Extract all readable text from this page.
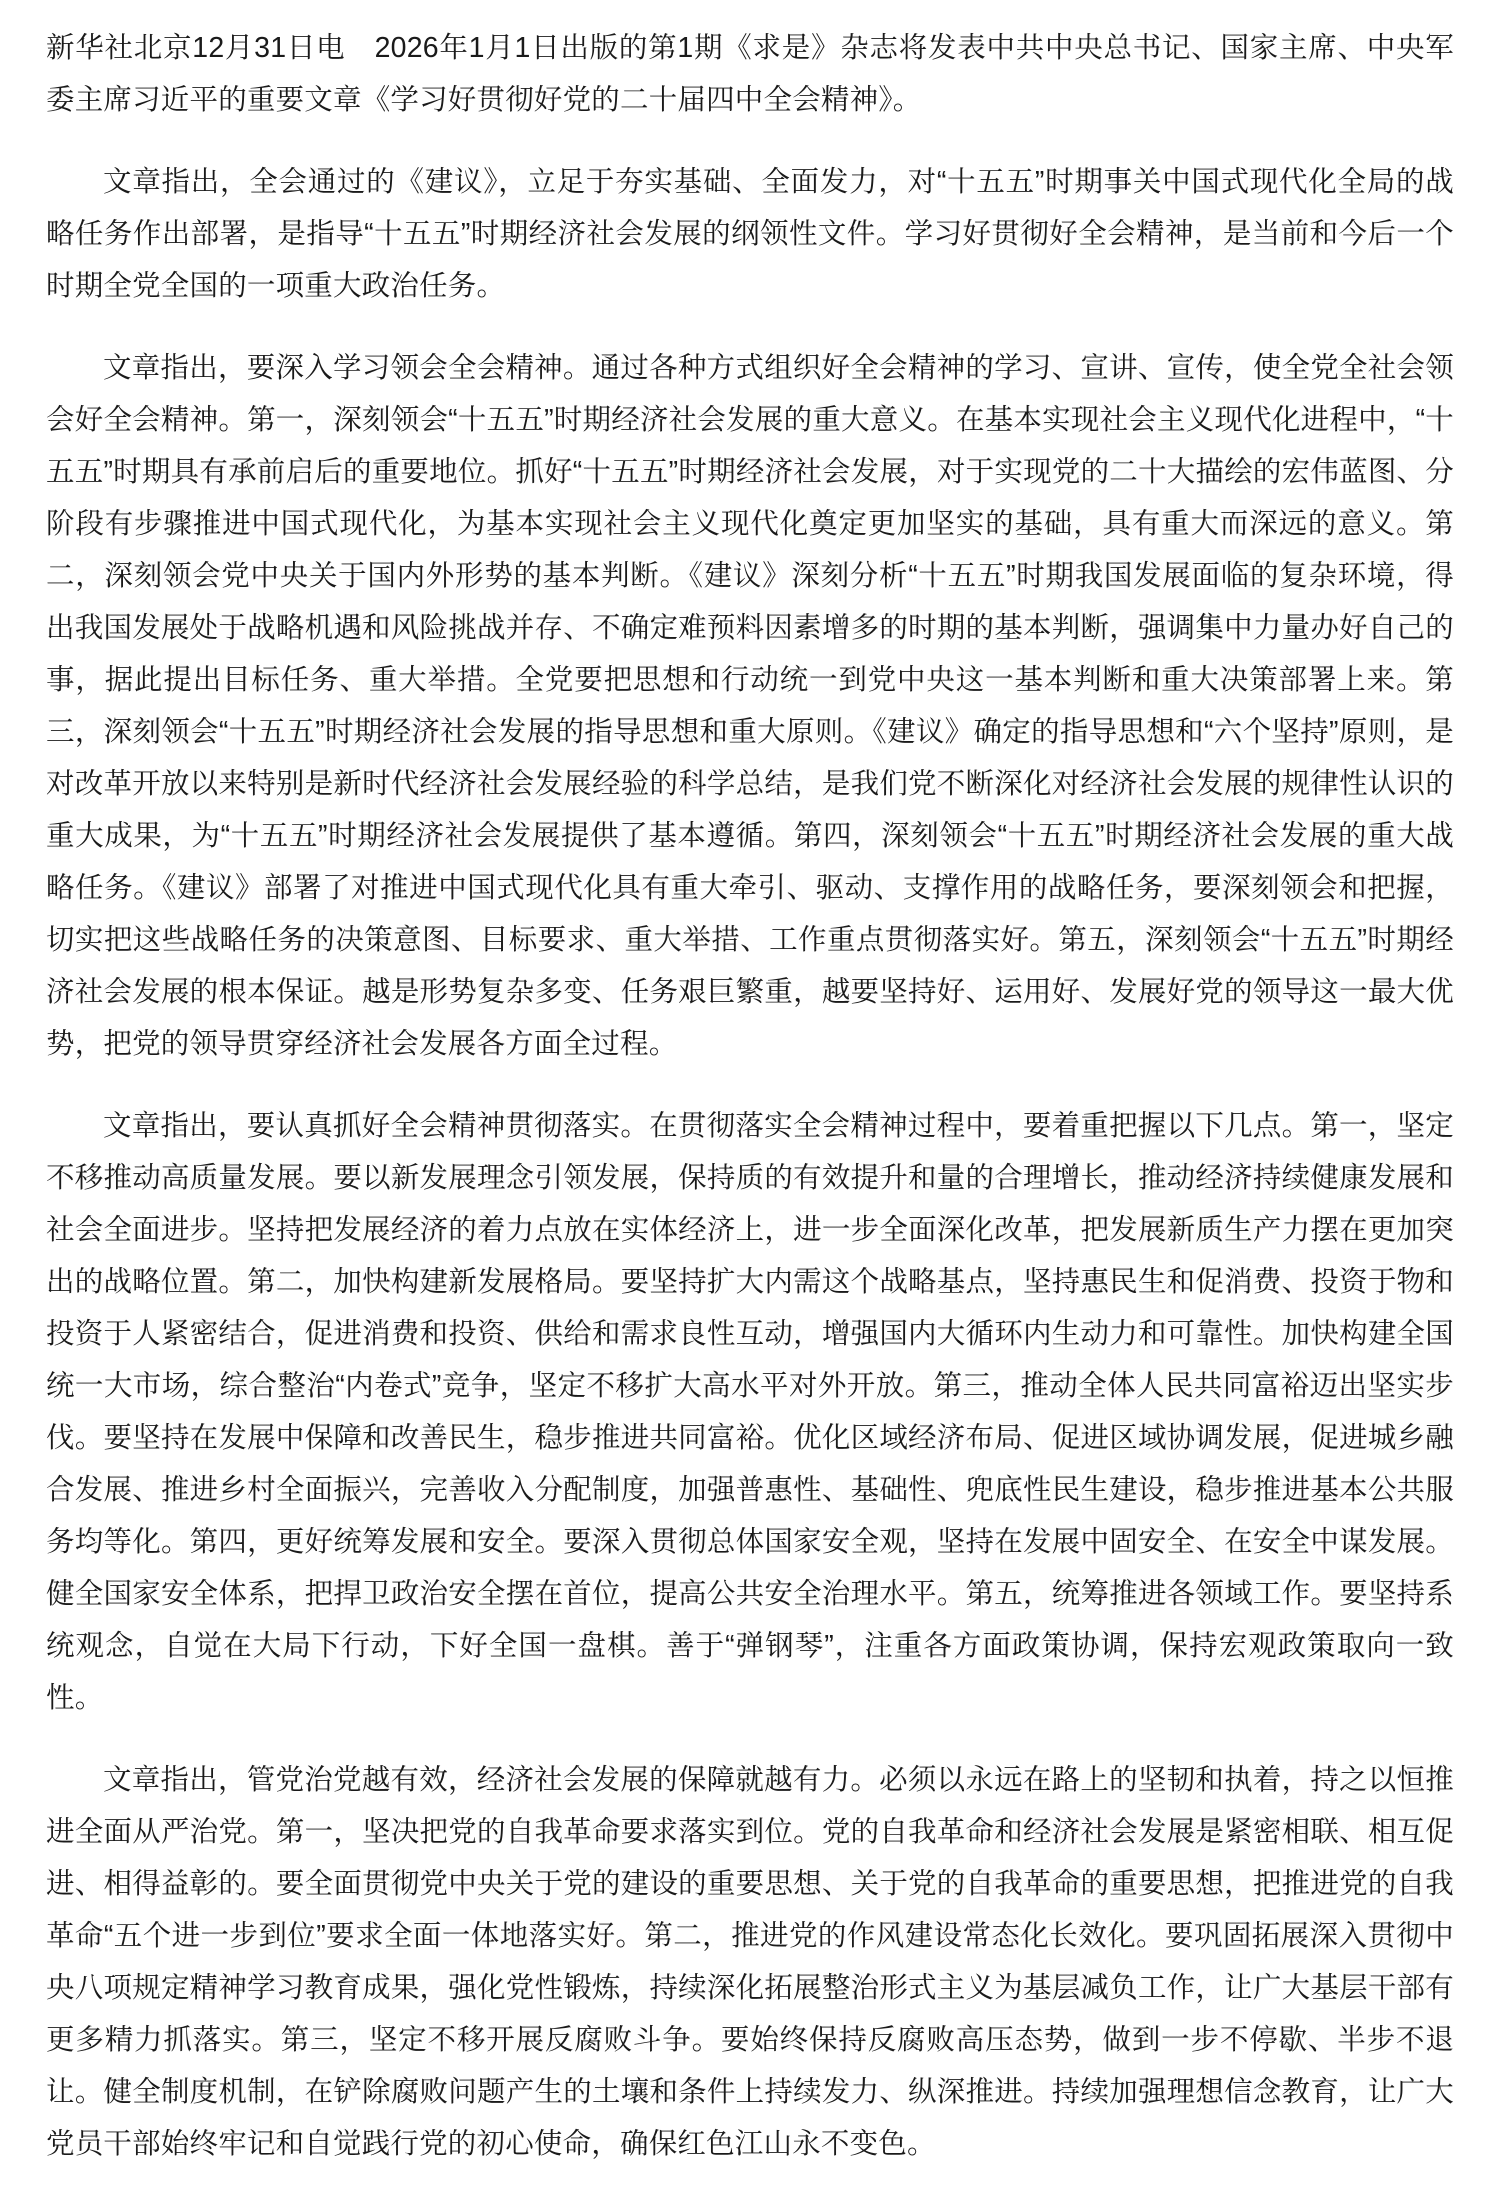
新华社北京12月31日电　2026年1月1日出版的第1期《求是》杂志将发表中共中央总书记、国家主席、中央军委主席习近平的重要文章《学习好贯彻好党的二十届四中全会精神》。

文章指出，全会通过的《建议》，立足于夯实基础、全面发力，对“十五五”时期事关中国式现代化全局的战略任务作出部署，是指导“十五五”时期经济社会发展的纲领性文件。学习好贯彻好全会精神，是当前和今后一个时期全党全国的一项重大政治任务。

文章指出，要深入学习领会全会精神。通过各种方式组织好全会精神的学习、宣讲、宣传，使全党全社会领会好全会精神。第一，深刻领会“十五五”时期经济社会发展的重大意义。在基本实现社会主义现代化进程中，“十五五”时期具有承前启后的重要地位。抓好“十五五”时期经济社会发展，对于实现党的二十大描绘的宏伟蓝图、分阶段有步骤推进中国式现代化，为基本实现社会主义现代化奠定更加坚实的基础，具有重大而深远的意义。第二，深刻领会党中央关于国内外形势的基本判断。《建议》深刻分析“十五五”时期我国发展面临的复杂环境，得出我国发展处于战略机遇和风险挑战并存、不确定难预料因素增多的时期的基本判断，强调集中力量办好自己的事，据此提出目标任务、重大举措。全党要把思想和行动统一到党中央这一基本判断和重大决策部署上来。第三，深刻领会“十五五”时期经济社会发展的指导思想和重大原则。《建议》确定的指导思想和“六个坚持”原则，是对改革开放以来特别是新时代经济社会发展经验的科学总结，是我们党不断深化对经济社会发展的规律性认识的重大成果，为“十五五”时期经济社会发展提供了基本遵循。第四，深刻领会“十五五”时期经济社会发展的重大战略任务。《建议》部署了对推进中国式现代化具有重大牵引、驱动、支撑作用的战略任务，要深刻领会和把握，切实把这些战略任务的决策意图、目标要求、重大举措、工作重点贯彻落实好。第五，深刻领会“十五五”时期经济社会发展的根本保证。越是形势复杂多变、任务艰巨繁重，越要坚持好、运用好、发展好党的领导这一最大优势，把党的领导贯穿经济社会发展各方面全过程。

文章指出，要认真抓好全会精神贯彻落实。在贯彻落实全会精神过程中，要着重把握以下几点。第一，坚定不移推动高质量发展。要以新发展理念引领发展，保持质的有效提升和量的合理增长，推动经济持续健康发展和社会全面进步。坚持把发展经济的着力点放在实体经济上，进一步全面深化改革，把发展新质生产力摆在更加突出的战略位置。第二，加快构建新发展格局。要坚持扩大内需这个战略基点，坚持惠民生和促消费、投资于物和投资于人紧密结合，促进消费和投资、供给和需求良性互动，增强国内大循环内生动力和可靠性。加快构建全国统一大市场，综合整治“内卷式”竞争，坚定不移扩大高水平对外开放。第三，推动全体人民共同富裕迈出坚实步伐。要坚持在发展中保障和改善民生，稳步推进共同富裕。优化区域经济布局、促进区域协调发展，促进城乡融合发展、推进乡村全面振兴，完善收入分配制度，加强普惠性、基础性、兜底性民生建设，稳步推进基本公共服务均等化。第四，更好统筹发展和安全。要深入贯彻总体国家安全观，坚持在发展中固安全、在安全中谋发展。健全国家安全体系，把捍卫政治安全摆在首位，提高公共安全治理水平。第五，统筹推进各领域工作。要坚持系统观念，自觉在大局下行动，下好全国一盘棋。善于“弹钢琴”，注重各方面政策协调，保持宏观政策取向一致性。

文章指出，管党治党越有效，经济社会发展的保障就越有力。必须以永远在路上的坚韧和执着，持之以恒推进全面从严治党。第一，坚决把党的自我革命要求落实到位。党的自我革命和经济社会发展是紧密相联、相互促进、相得益彰的。要全面贯彻党中央关于党的建设的重要思想、关于党的自我革命的重要思想，把推进党的自我革命“五个进一步到位”要求全面一体地落实好。第二，推进党的作风建设常态化长效化。要巩固拓展深入贯彻中央八项规定精神学习教育成果，强化党性锻炼，持续深化拓展整治形式主义为基层减负工作，让广大基层干部有更多精力抓落实。第三，坚定不移开展反腐败斗争。要始终保持反腐败高压态势，做到一步不停歇、半步不退让。健全制度机制，在铲除腐败问题产生的土壤和条件上持续发力、纵深推进。持续加强理想信念教育，让广大党员干部始终牢记和自觉践行党的初心使命，确保红色江山永不变色。
